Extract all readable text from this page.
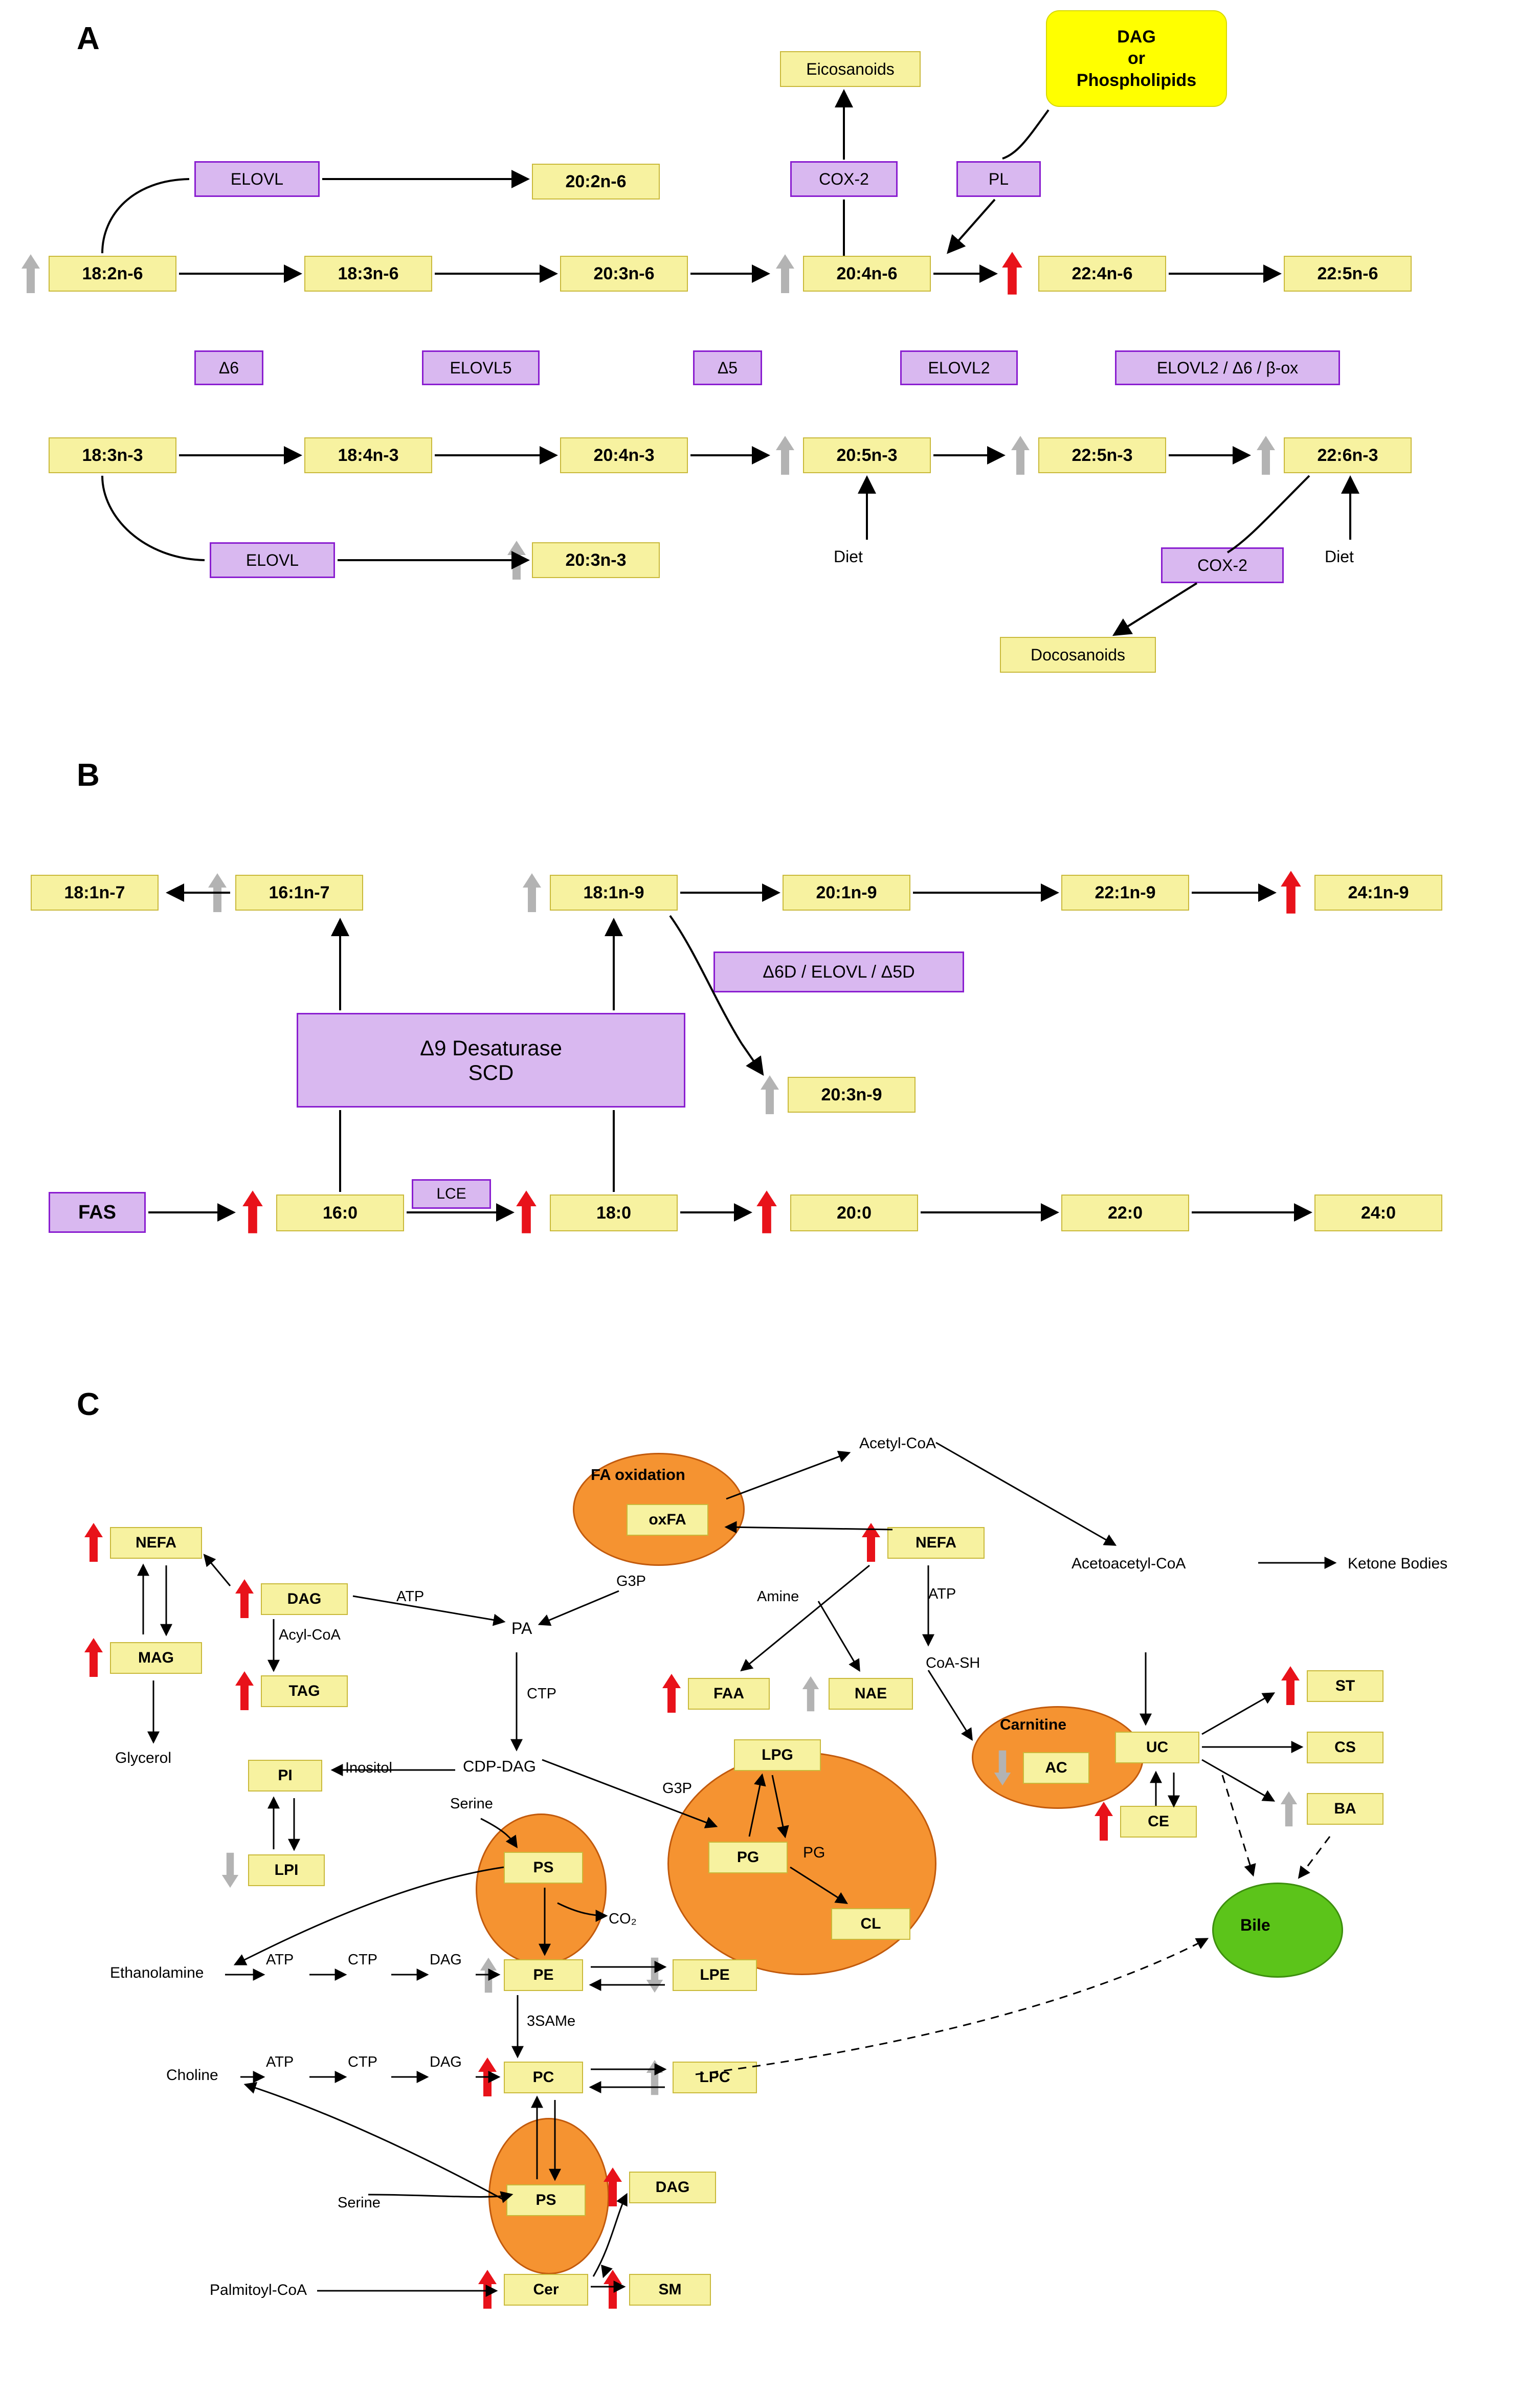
A
B
C
18:2n-6	18:3n-6	20:3n-6	20:4n-6	22:4n-6	22:5n-6
20:2n-6
ELOVL	COX-2	PL
Δ6	ELOVL5	Δ5	ELOVL2	ELOVL2 / Δ6 / β-ox
Eicosanoids
DAG
or
Phospholipids
18:3n-3	18:4n-3	20:4n-3	20:5n-3	22:5n-3	22:6n-3
ELOVL	20:3n-3	COX-2
Docosanoids
Diet	Diet
18:1n-7	16:1n-7	18:1n-9	20:1n-9	22:1n-9	24:1n-9
Δ6D / ELOVL / Δ5D
20:3n-9
Δ9 Desaturase
SCD
FAS
LCE
16:0	18:0	20:0	22:0	24:0
FA oxidation
oxFA
Carnitine
AC
Bile
NEFA
MAG
Glycerol
DAG
TAG
Acyl-CoA
PI
LPI
Inositol
ATP
PA
CTP
CDP-DAG
G3P
Amine
Acetyl-CoA
NEFA
ATP
CoA-SH
FAA	NAE
LPG
PG
CL
G3P
PG
PS
Serine
CO₂
PE	LPE
Ethanolamine
ATP	CTP	DAG
3SAMe
PC	LPC
Choline
ATP	CTP	DAG
PS
Serine
DAG
SM
Cer
Palmitoyl-CoA
Acetoacetyl-CoA	Ketone Bodies
UC
ST
CS
BA
CE
